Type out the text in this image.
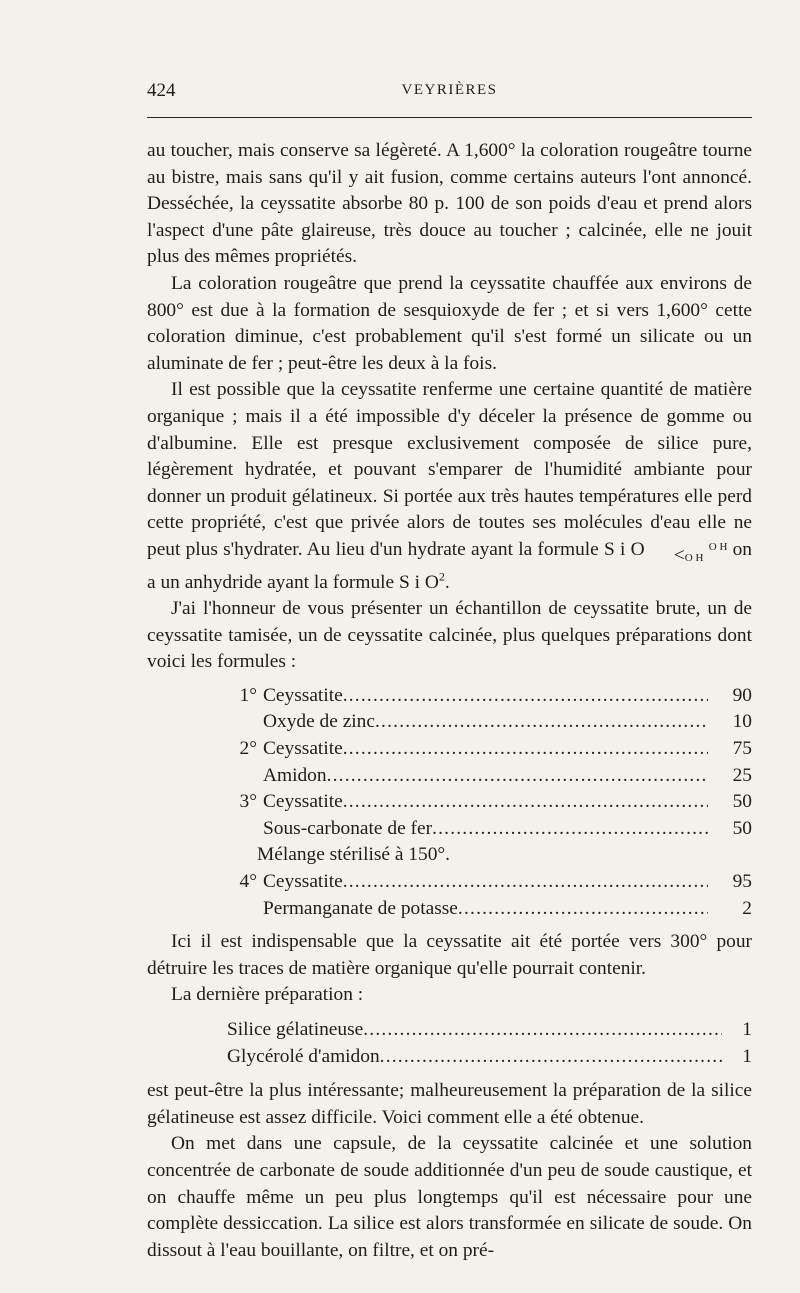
424	VEYRIÈRES

au toucher, mais conserve sa légèreté. A 1,600° la coloration rougeâtre tourne au bistre, mais sans qu'il y ait fusion, comme certains auteurs l'ont annoncé. Desséchée, la ceyssatite absorbe 80 p. 100 de son poids d'eau et prend alors l'aspect d'une pâte glaireuse, très douce au toucher ; calcinée, elle ne jouit plus des mêmes propriétés.

La coloration rougeâtre que prend la ceyssatite chauffée aux environs de 800° est due à la formation de sesquioxyde de fer ; et si vers 1,600° cette coloration diminue, c'est probablement qu'il s'est formé un silicate ou un aluminate de fer ; peut-être les deux à la fois.

Il est possible que la ceyssatite renferme une certaine quantité de matière organique ; mais il a été impossible d'y déceler la présence de gomme ou d'albumine. Elle est presque exclusivement composée de silice pure, légèrement hydratée, et pouvant s'emparer de l'humidité ambiante pour donner un produit gélatineux. Si portée aux très hautes températures elle perd cette propriété, c'est que privée alors de toutes ses molécules d'eau elle ne peut plus s'hydrater. Au lieu d'un hydrate ayant la formule S i O < O H
O H on a un anhydride ayant la formule S i $O^2$.

J'ai l'honneur de vous présenter un échantillon de ceyssatite brute, un de ceyssatite tamisée, un de ceyssatite calcinée, plus quelques préparations dont voici les formules :

1° Ceyssatite .....	90
Oxyde de zinc .....	10
2° Ceyssatite .....	75
Amidon .....	25
3° Ceyssatite .....	50
Sous-carbonate de fer .....	50
Mélange stérilisé à 150°.
4° Ceyssatite .....	95
Permanganate de potasse .....	2

Ici il est indispensable que la ceyssatite ait été portée vers 300° pour détruire les traces de matière organique qu'elle pourrait contenir.

La dernière préparation :

Silice gélatineuse .....	1
Glycérolé d'amidon .....	1

est peut-être la plus intéressante; malheureusement la préparation de la silice gélatineuse est assez difficile. Voici comment elle a été obtenue.

On met dans une capsule, de la ceyssatite calcinée et une solution concentrée de carbonate de soude additionnée d'un peu de soude caustique, et on chauffe même un peu plus longtemps qu'il est nécessaire pour une complète dessiccation. La silice est alors transformée en silicate de soude. On dissout à l'eau bouillante, on filtre, et on pré-
